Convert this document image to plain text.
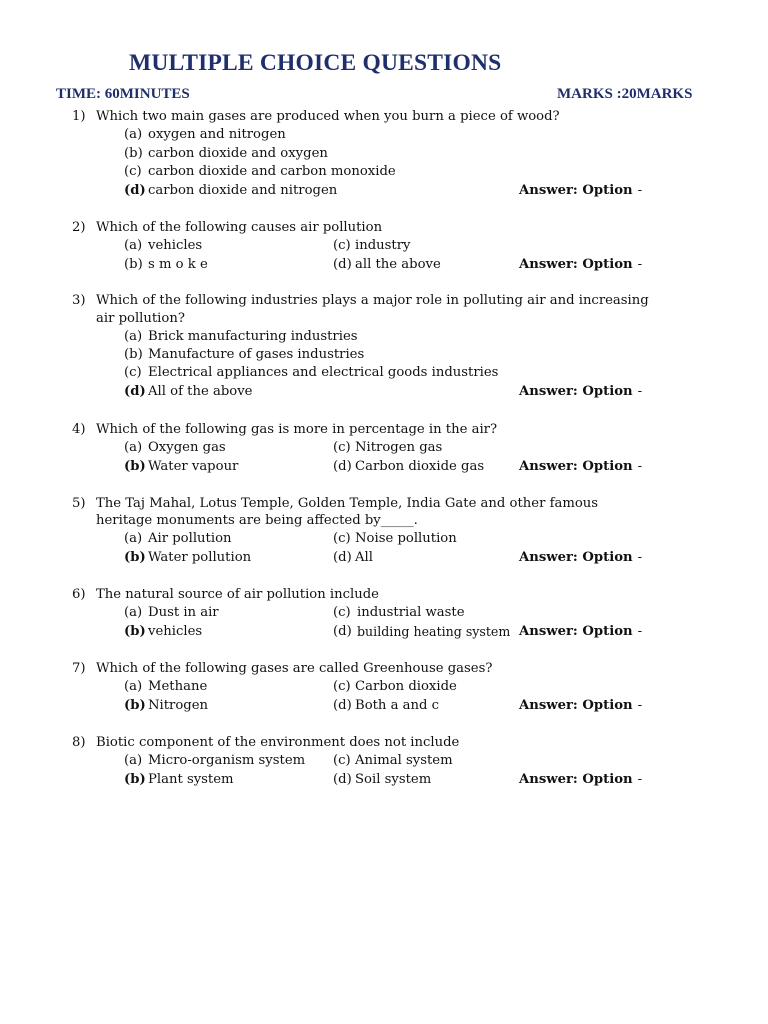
MULTIPLE CHOICE QUESTIONS
TIME: 60MINUTES	MARKS :20MARKS
1) Which two main gases are produced when you burn a piece of wood?
(a) oxygen and nitrogen
(b) carbon dioxide and oxygen
(c) carbon dioxide and carbon monoxide
(d) carbon dioxide and nitrogen	Answer: Option -
2) Which of the following causes air pollution
(a) vehicles	(c) industry
(b) s m o k e	(d) all the above	Answer: Option -
3) Which of the following industries plays a major role in polluting air and increasing
air pollution?
(a) Brick manufacturing industries
(b) Manufacture of gases industries
(c) Electrical appliances and electrical goods industries
(d) All of the above	Answer: Option -
4) Which of the following gas is more in percentage in the air?
(a) Oxygen gas	(c) Nitrogen gas
(b) Water vapour	(d) Carbon dioxide gas	Answer: Option -
5) The Taj Mahal, Lotus Temple, Golden Temple, India Gate and other famous
heritage monuments are being affected by_____.
(a) Air pollution	(c) Noise pollution
(b) Water pollution	(d) All	Answer: Option -
6) The natural source of air pollution include
(a) Dust in air	(c) industrial waste
(b) vehicles	(d) building heating system Answer: Option -
7) Which of the following gases are called Greenhouse gases?
(a) Methane	(c) Carbon dioxide
(b) Nitrogen	(d) Both a and c	Answer: Option -
8) Biotic component of the environment does not include
(a) Micro-organism system (c) Animal system
(b) Plant system	(d) Soil system	Answer: Option -
